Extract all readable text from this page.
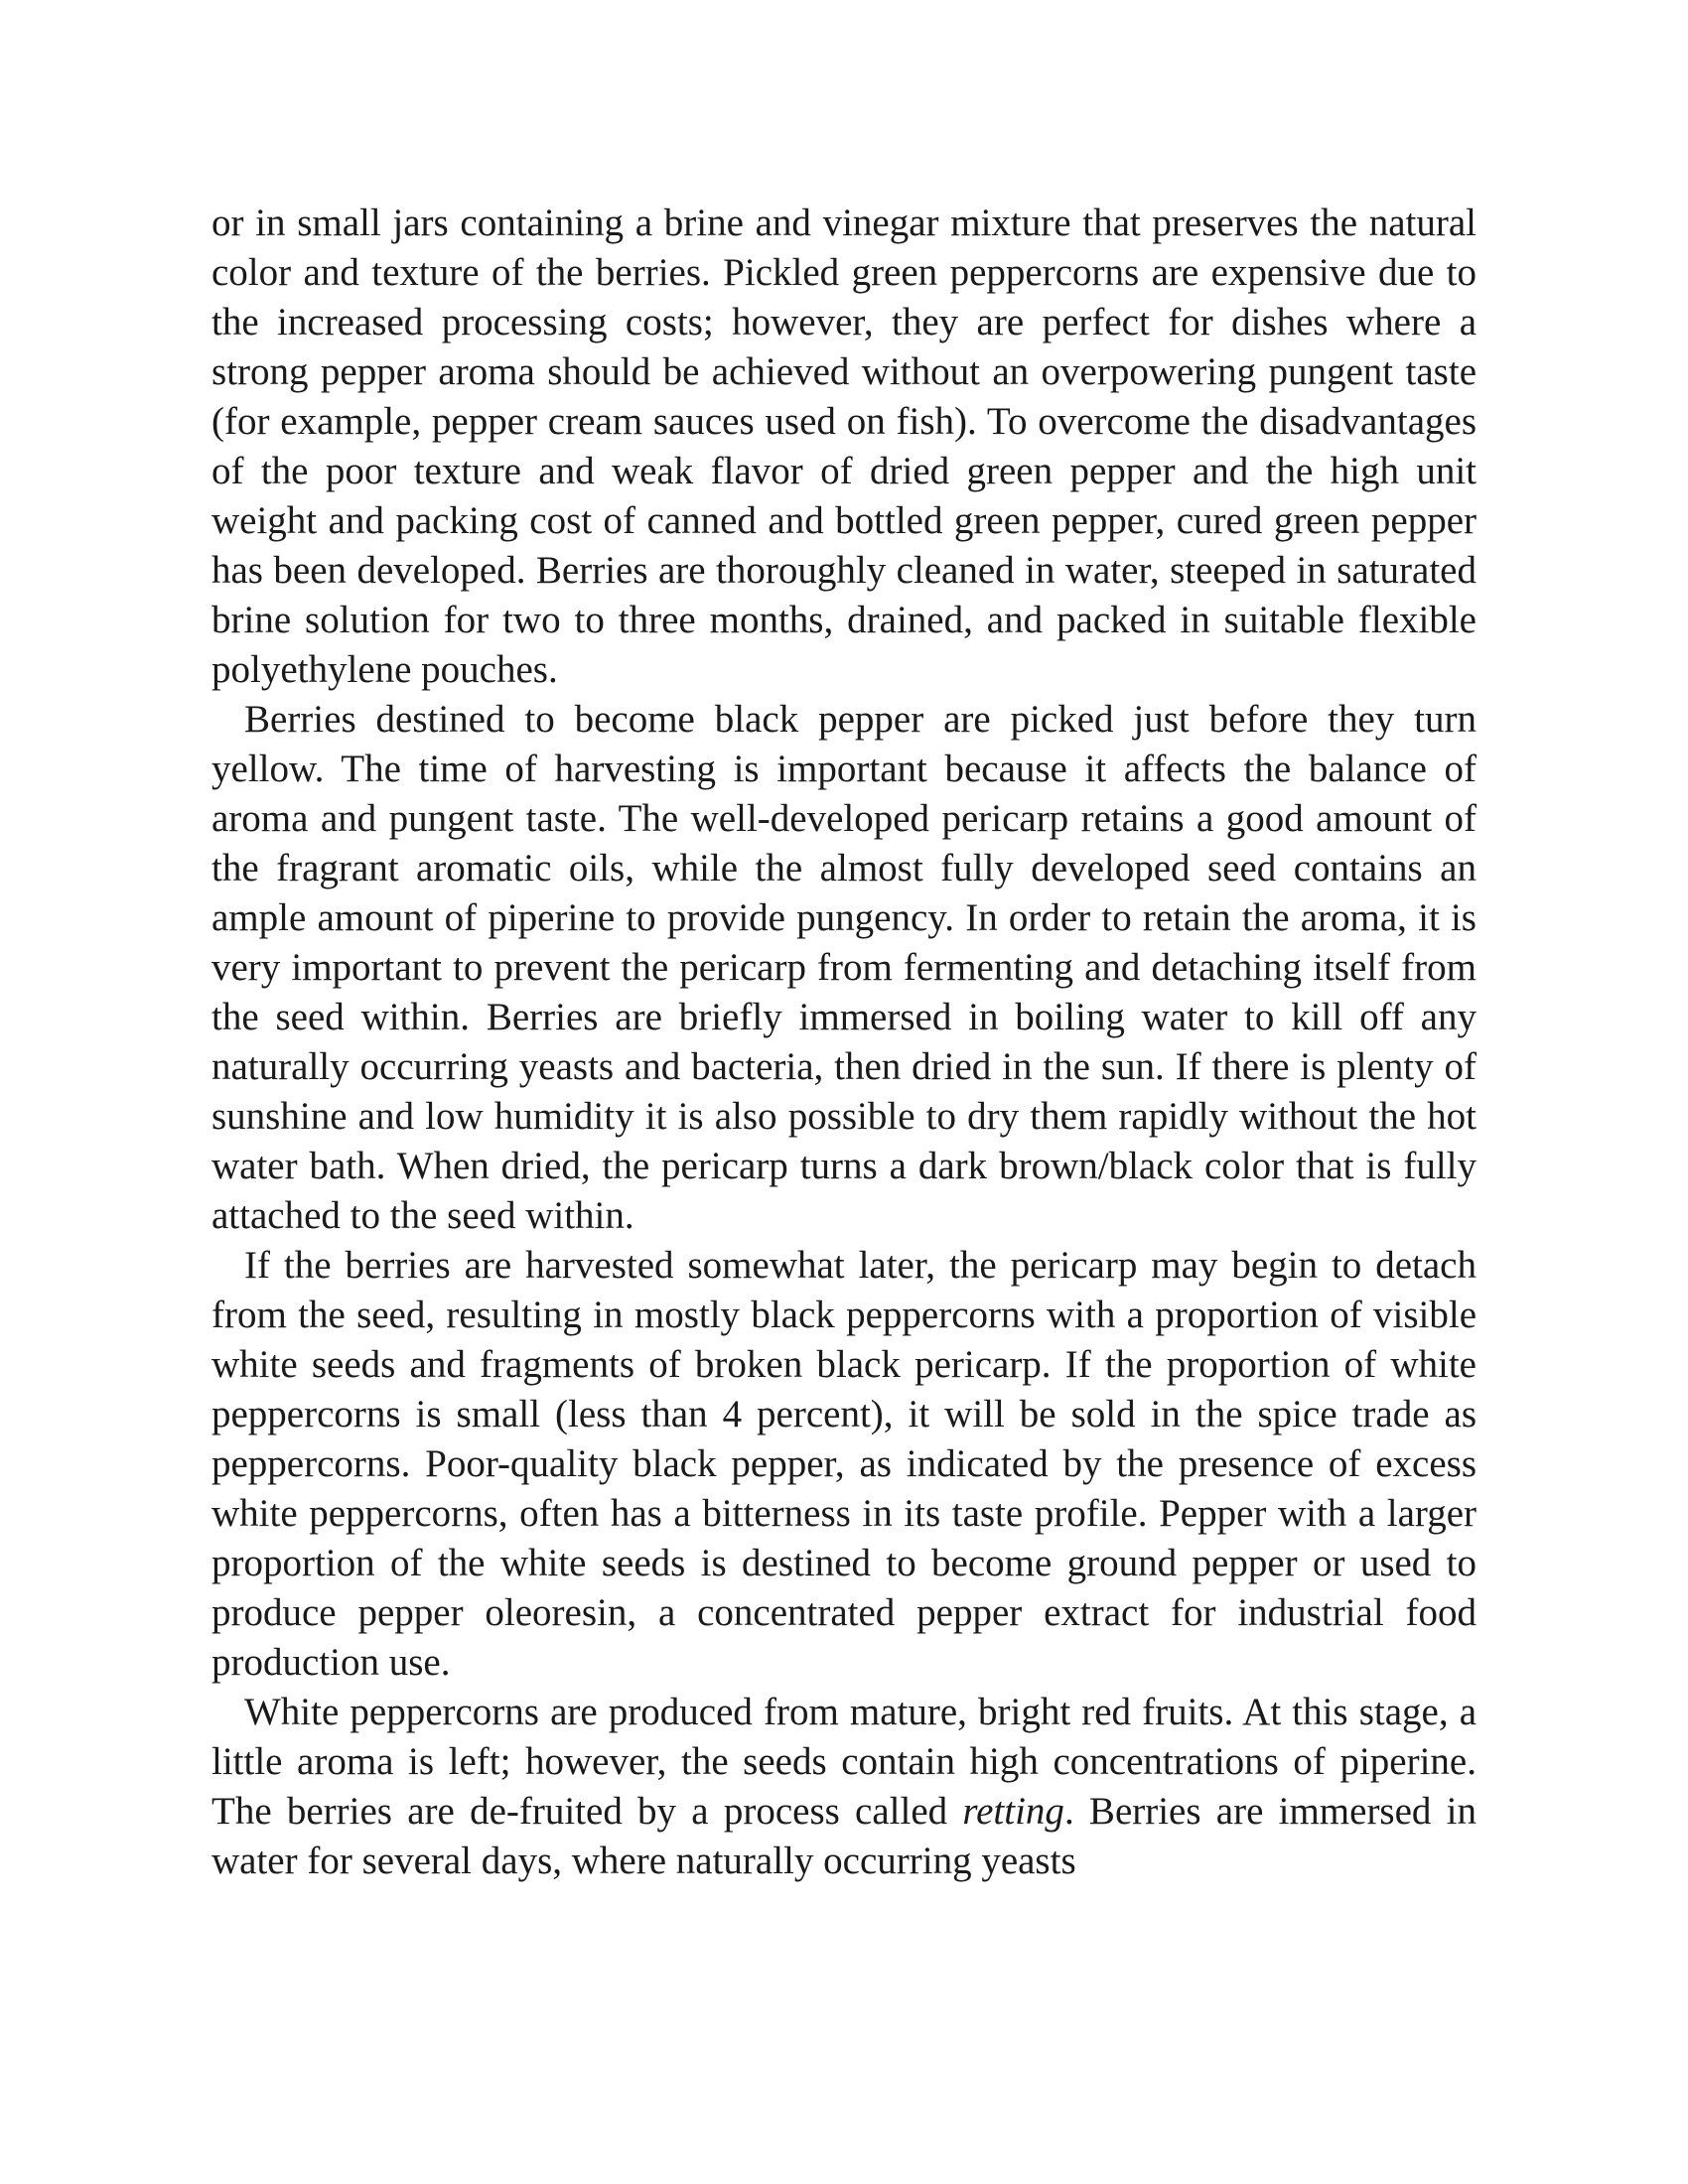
or in small jars containing a brine and vinegar mixture that preserves the natural color and texture of the berries. Pickled green peppercorns are expensive due to the increased processing costs; however, they are perfect for dishes where a strong pepper aroma should be achieved without an overpowering pungent taste (for example, pepper cream sauces used on fish). To overcome the disadvantages of the poor texture and weak flavor of dried green pepper and the high unit weight and packing cost of canned and bottled green pepper, cured green pepper has been developed. Berries are thoroughly cleaned in water, steeped in saturated brine solution for two to three months, drained, and packed in suitable flexible polyethylene pouches.

Berries destined to become black pepper are picked just before they turn yellow. The time of harvesting is important because it affects the balance of aroma and pungent taste. The well-developed pericarp retains a good amount of the fragrant aromatic oils, while the almost fully developed seed contains an ample amount of piperine to provide pungency. In order to retain the aroma, it is very important to prevent the pericarp from fermenting and detaching itself from the seed within. Berries are briefly immersed in boiling water to kill off any naturally occurring yeasts and bacteria, then dried in the sun. If there is plenty of sunshine and low humidity it is also possible to dry them rapidly without the hot water bath. When dried, the pericarp turns a dark brown/black color that is fully attached to the seed within.

If the berries are harvested somewhat later, the pericarp may begin to detach from the seed, resulting in mostly black peppercorns with a proportion of visible white seeds and fragments of broken black pericarp. If the proportion of white peppercorns is small (less than 4 percent), it will be sold in the spice trade as peppercorns. Poor-quality black pepper, as indicated by the presence of excess white peppercorns, often has a bitterness in its taste profile. Pepper with a larger proportion of the white seeds is destined to become ground pepper or used to produce pepper oleoresin, a concentrated pepper extract for industrial food production use.

White peppercorns are produced from mature, bright red fruits. At this stage, a little aroma is left; however, the seeds contain high concentrations of piperine. The berries are de-fruited by a process called retting. Berries are immersed in water for several days, where naturally occurring yeasts
